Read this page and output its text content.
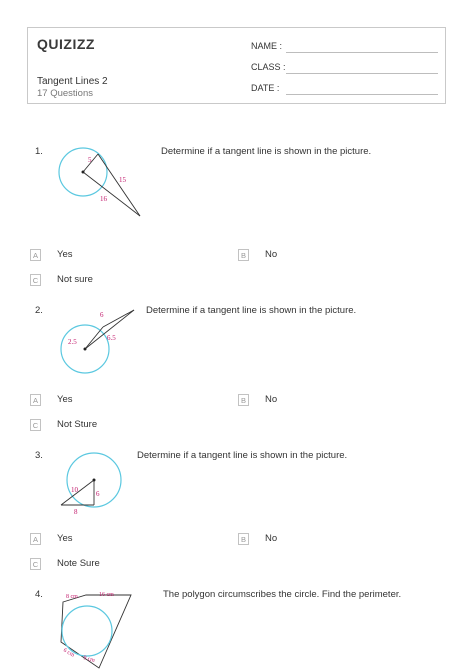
QUIZIZZ
Tangent Lines 2
17 Questions
NAME :
CLASS :
DATE :
1.
5
15
16
Determine if a tangent line is shown in the picture.
A	Yes	B	No
C Not sure
2.	6
2.5	6.5
Determine if a tangent line is shown in the picture.
A	Yes	B	No
C Not Sture
3.
10	6
8
Determine if a tangent line is shown in the picture.
A	Yes	B	No
C Note Sure
4.	8 cm	16 cm
6 cm
9 cm
The polygon circumscribes the circle. Find the perimeter.
